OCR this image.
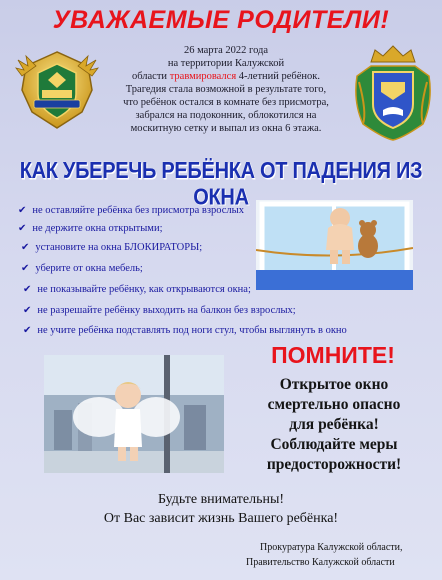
УВАЖАЕМЫЕ РОДИТЕЛИ!
26 марта 2022 года
на территории Калужской
области травмировался 4-летний ребёнок.
Трагедия стала возможной в результате того,
что ребёнок остался в комнате без присмотра,
забрался на подоконник, облокотился на
москитную сетку и выпал из окна 6 этажа.
КАК УБЕРЕЧЬ РЕБЁНКА ОТ ПАДЕНИЯ ИЗ ОКНА
✔ не оставляйте ребёнка без присмотра взрослых
✔ не держите окна открытыми;
✔ установите на окна БЛОКИРАТОРЫ;
✔ уберите от окна мебель;
✔ не показывайте ребёнку, как открываются окна;
✔ не разрешайте ребёнку выходить на балкон без взрослых;
✔ не учите ребёнка подставлять под ноги стул, чтобы выглянуть в окно
ПОМНИТЕ!
Открытое окно
смертельно опасно
для ребёнка!
Соблюдайте меры
предосторожности!
Будьте внимательны!
От Вас зависит жизнь Вашего ребёнка!
Прокуратура Калужской области,
Правительство Калужской области
